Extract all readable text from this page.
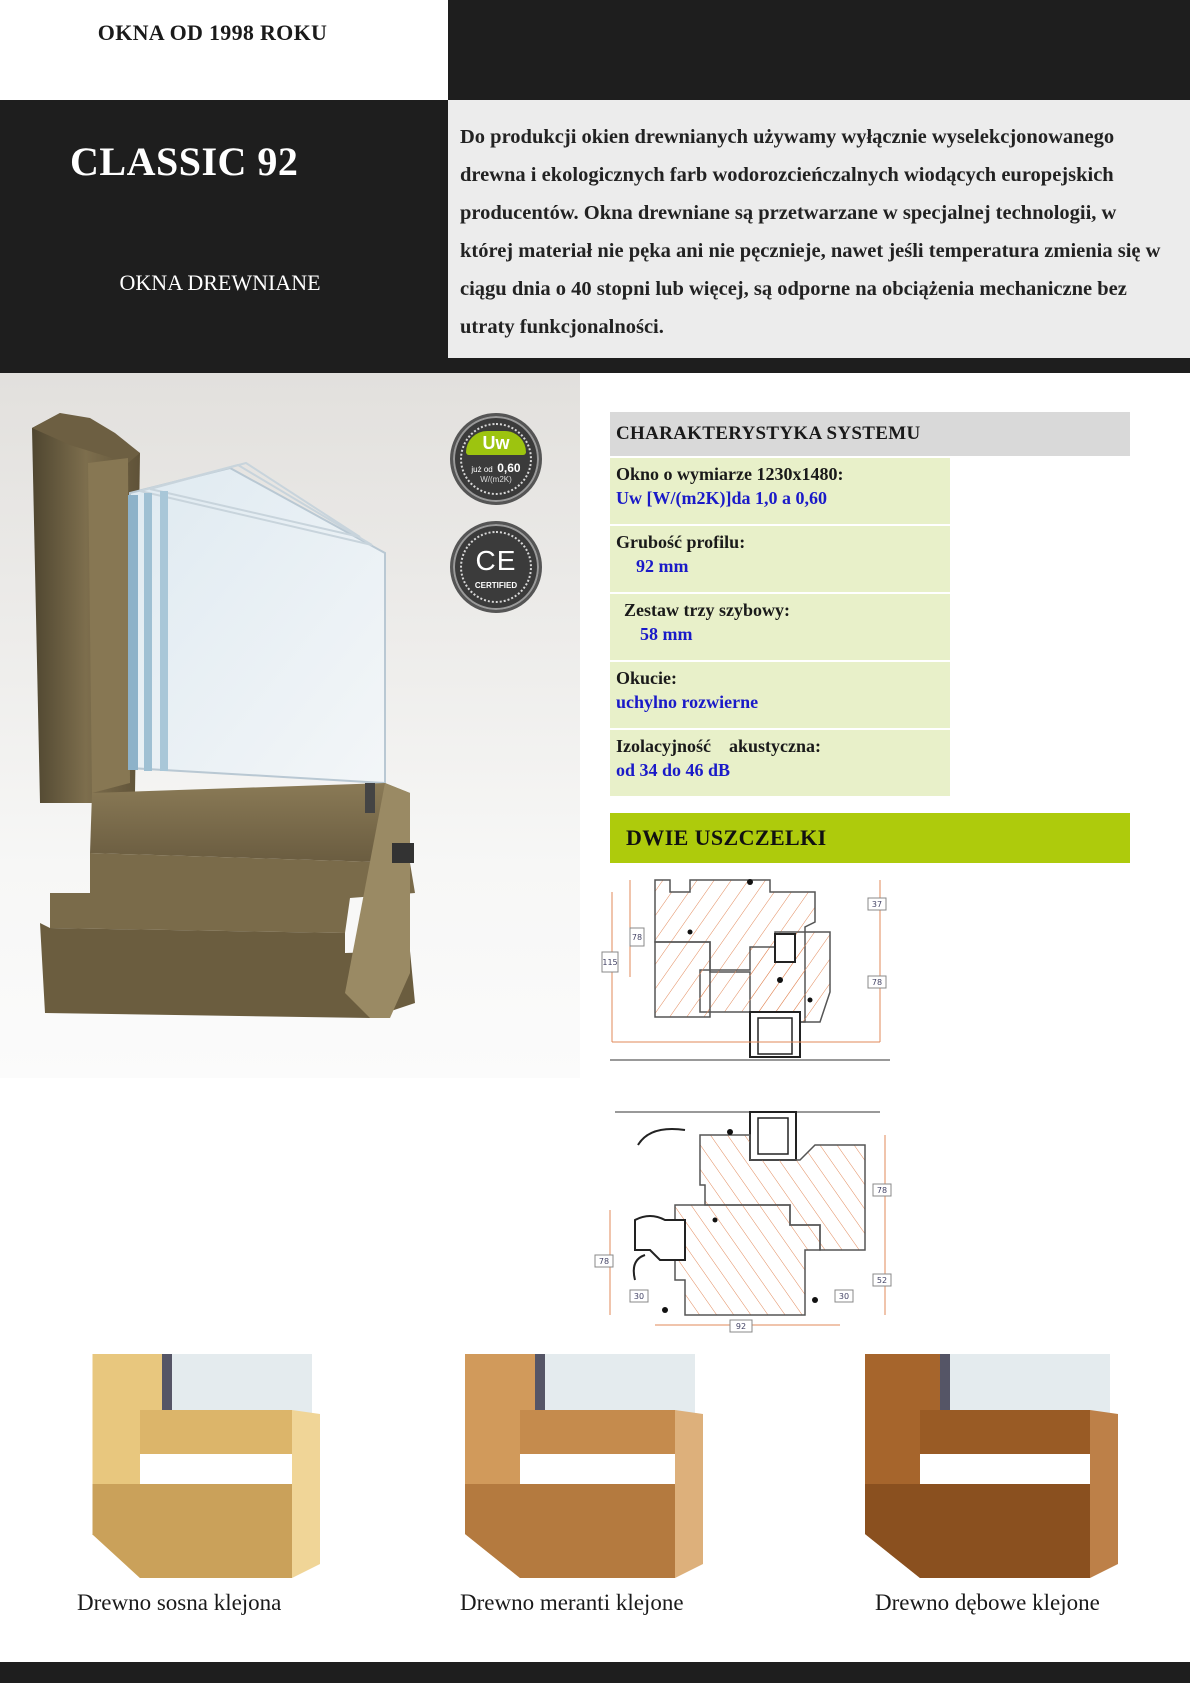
OKNA OD 1998 ROKU
CLASSIC 92
OKNA DREWNIANE
Do produkcji okien drewnianych używamy wyłącznie wyselekcjonowanego drewna i ekologicznych farb wodorozcieńczalnych wiodących europejskich producentów. Okna drewniane są przetwarzane w specjalnej technologii, w której materiał nie pęka ani nie pęcznieje, nawet jeśli temperatura zmienia się w ciągu dnia o 40 stopni lub więcej, są odporne na obciążenia mechaniczne bez utraty funkcjonalności.
Uw
już od 0,60
W/(m2K)
CE
CERTIFIED
CHARAKTERYSTYKA SYSTEMU
Okno o wymiarze 1230x1480:
Uw [W/(m2K)]da 1,0 a 0,60
Grubość profilu:
92 mm
Zestaw trzy szybowy:
58 mm
Okucie:
uchylno rozwierne
Izolacyjność    akustyczna:
od 34 do 46 dB
DWIE USZCZELKI
37
78
115
78
78
78
30	30
52
92
Drewno sosna klejona	Drewno meranti klejone	Drewno dębowe klejone
